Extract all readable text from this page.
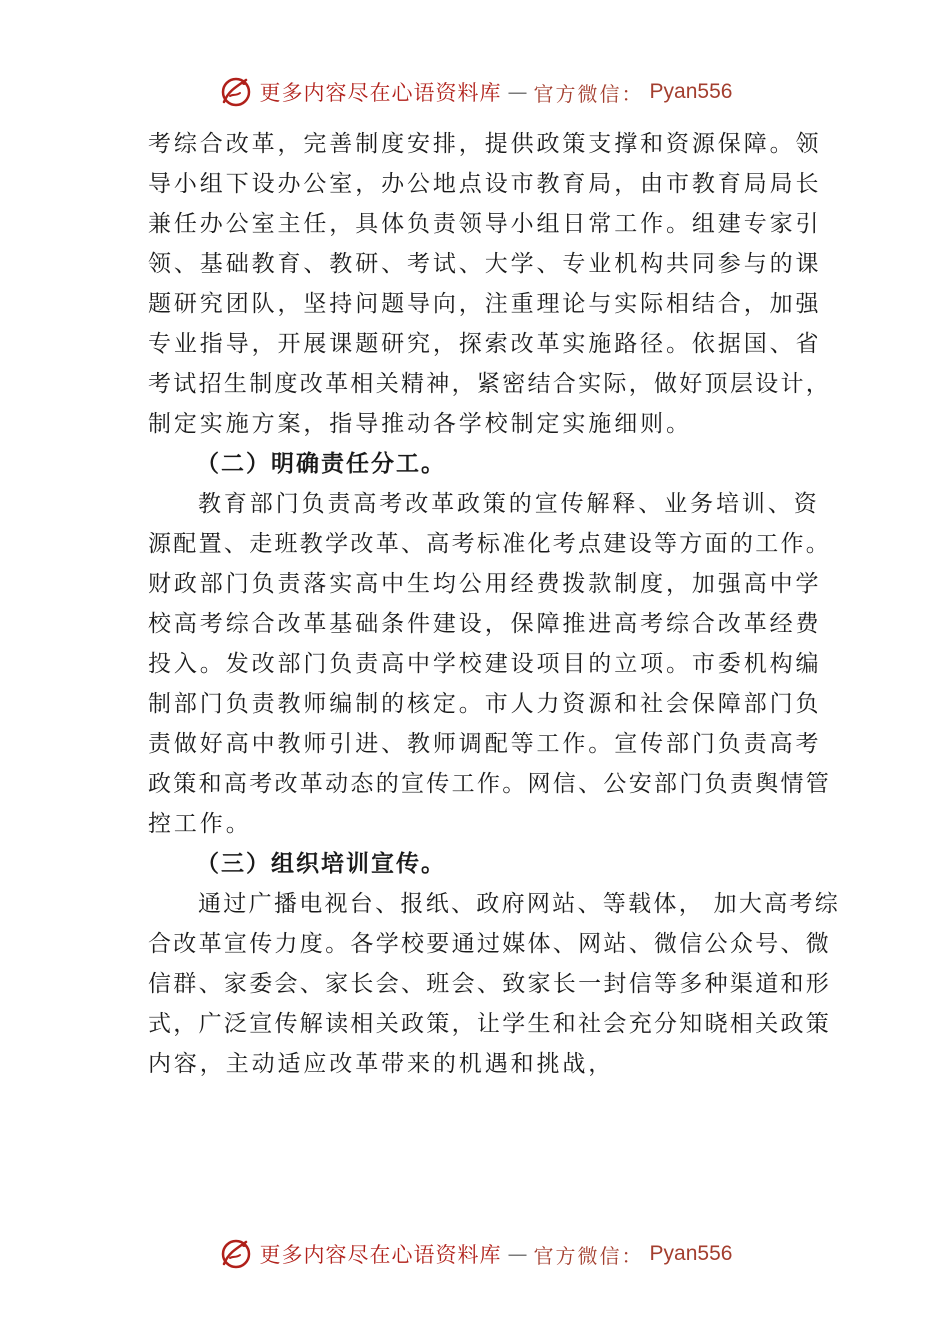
更多内容尽在心语资料库 — 官方微信： Pyan556
考综合改革，完善制度安排，提供政策支撑和资源保障。领
导小组下设办公室，办公地点设市教育局，由市教育局局长
兼任办公室主任，具体负责领导小组日常工作。组建专家引
领、基础教育、教研、考试、大学、专业机构共同参与的课
题研究团队，坚持问题导向，注重理论与实际相结合，加强
专业指导，开展课题研究，探索改革实施路径。依据国、省
考试招生制度改革相关精神，紧密结合实际，做好顶层设计，
制定实施方案，指导推动各学校制定实施细则。
（二）明确责任分工。
教育部门负责高考改革政策的宣传解释、业务培训、资
源配置、走班教学改革、高考标准化考点建设等方面的工作。
财政部门负责落实高中生均公用经费拨款制度，加强高中学
校高考综合改革基础条件建设，保障推进高考综合改革经费
投入。发改部门负责高中学校建设项目的立项。市委机构编
制部门负责教师编制的核定。市人力资源和社会保障部门负
责做好高中教师引进、教师调配等工作。宣传部门负责高考
政策和高考改革动态的宣传工作。网信、公安部门负责舆情管
控工作。
（三）组织培训宣传。
通过广播电视台、报纸、政府网站、等载体， 加大高考综
合改革宣传力度。各学校要通过媒体、网站、微信公众号、微
信群、家委会、家长会、班会、致家长一封信等多种渠道和形
式，广泛宣传解读相关政策，让学生和社会充分知晓相关政策
内容，主动适应改革带来的机遇和挑战，
更多内容尽在心语资料库 — 官方微信： Pyan556
